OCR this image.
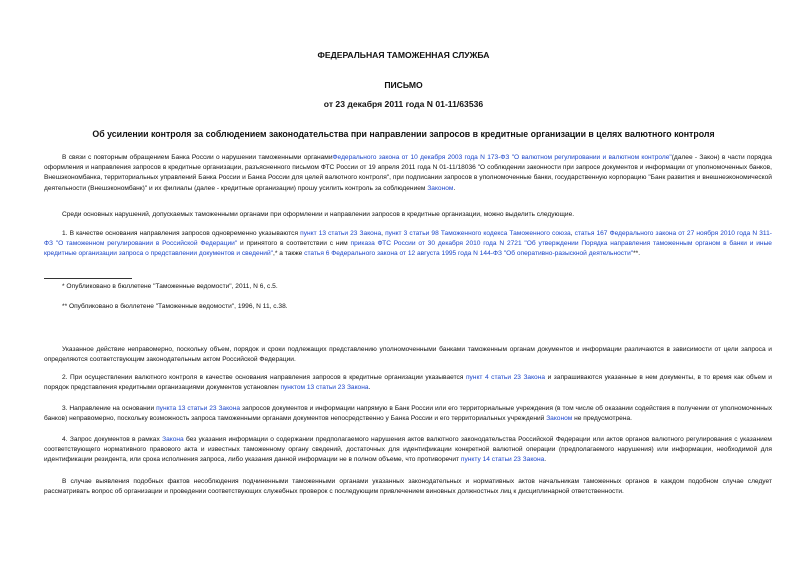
ФЕДЕРАЛЬНАЯ ТАМОЖЕННАЯ СЛУЖБА
ПИСЬМО
от 23 декабря 2011 года N 01-11/63536
Об усилении контроля за соблюдением законодательства при направлении запросов в кредитные организации в целях валютного контроля

В связи с повторным обращением Банка России о нарушении таможенными органамиФедерального закона от 10 декабря 2003 года N 173-ФЗ "О валютном регулировании и валютном контроле"(далее - Закон) в части порядка оформления и направления запросов в кредитные организации, разъясненного письмом ФТС России от 19 апреля 2011 года N 01-11/18036 "О соблюдении законности при запросе документов и информации от уполномоченных банков, Внешэкономбанка, территориальных управлений Банка России и Банка России для целей валютного контроля", при подписании запросов в уполномоченные банки, государственную корпорацию "Банк развития и внешнеэкономической деятельности (Внешэкономбанк)" и их филиалы (далее - кредитные организации) прошу усилить контроль за соблюдением Законом.

Среди основных нарушений, допускаемых таможенными органами при оформлении и направлении запросов в кредитные организации, можно выделить следующие.

1. В качестве основания направления запросов одновременно указываются пункт 13 статьи 23 Закона, пункт 3 статьи 98 Таможенного кодекса Таможенного союза, статья 167 Федерального закона от 27 ноября 2010 года N 311-ФЗ "О таможенном регулировании в Российской Федерации" и принятого в соответствии с ним приказа ФТС России от 30 декабря 2010 года N 2721 "Об утверждении Порядка направления таможенным органом в банки и иные кредитные организации запроса о представлении документов и сведений",* а также статья 6 Федерального закона от 12 августа 1995 года N 144-ФЗ "Об оперативно-разыскной деятельности"**.

* Опубликовано в бюллетене "Таможенные ведомости", 2011, N 6, с.5.

** Опубликовано в бюллетене "Таможенные ведомости", 1996, N 11, с.38.

Указанное действие неправомерно, поскольку объем, порядок и сроки подлежащих представлению уполномоченными банками таможенным органам документов и информации различаются в зависимости от цели запроса и определяются соответствующим законодательным актом Российской Федерации.

2. При осуществлении валютного контроля в качестве основания направления запросов в кредитные организации указывается пункт 4 статьи 23 Закона и запрашиваются указанные в нем документы, в то время как объем и порядок представления кредитными организациями документов установлен пунктом 13 статьи 23 Закона.

3. Направление на основании пункта 13 статьи 23 Закона запросов документов и информации напрямую в Банк России или его территориальные учреждения (в том числе об оказании содействия в получении от уполномоченных банков) неправомерно, поскольку возможность запроса таможенными органами документов непосредственно у Банка России и его территориальных учреждений Законом не предусмотрена.

4. Запрос документов в рамках Закона без указания информации о содержании предполагаемого нарушения актов валютного законодательства Российской Федерации или актов органов валютного регулирования с указанием соответствующего нормативного правового акта и известных таможенному органу сведений, достаточных для идентификации конкретной валютной операции (предполагаемого нарушения) или информации, необходимой для идентификации резидента, или срока исполнения запроса, либо указания данной информации не в полном объеме, что противоречит пункту 14 статьи 23 Закона.

В случае выявления подобных фактов несоблюдения подчиненными таможенными органами указанных законодательных и нормативных актов начальникам таможенных органов в каждом подобном случае следует рассматривать вопрос об организации и проведении соответствующих служебных проверок с последующим привлечением виновных должностных лиц к дисциплинарной ответственности.
